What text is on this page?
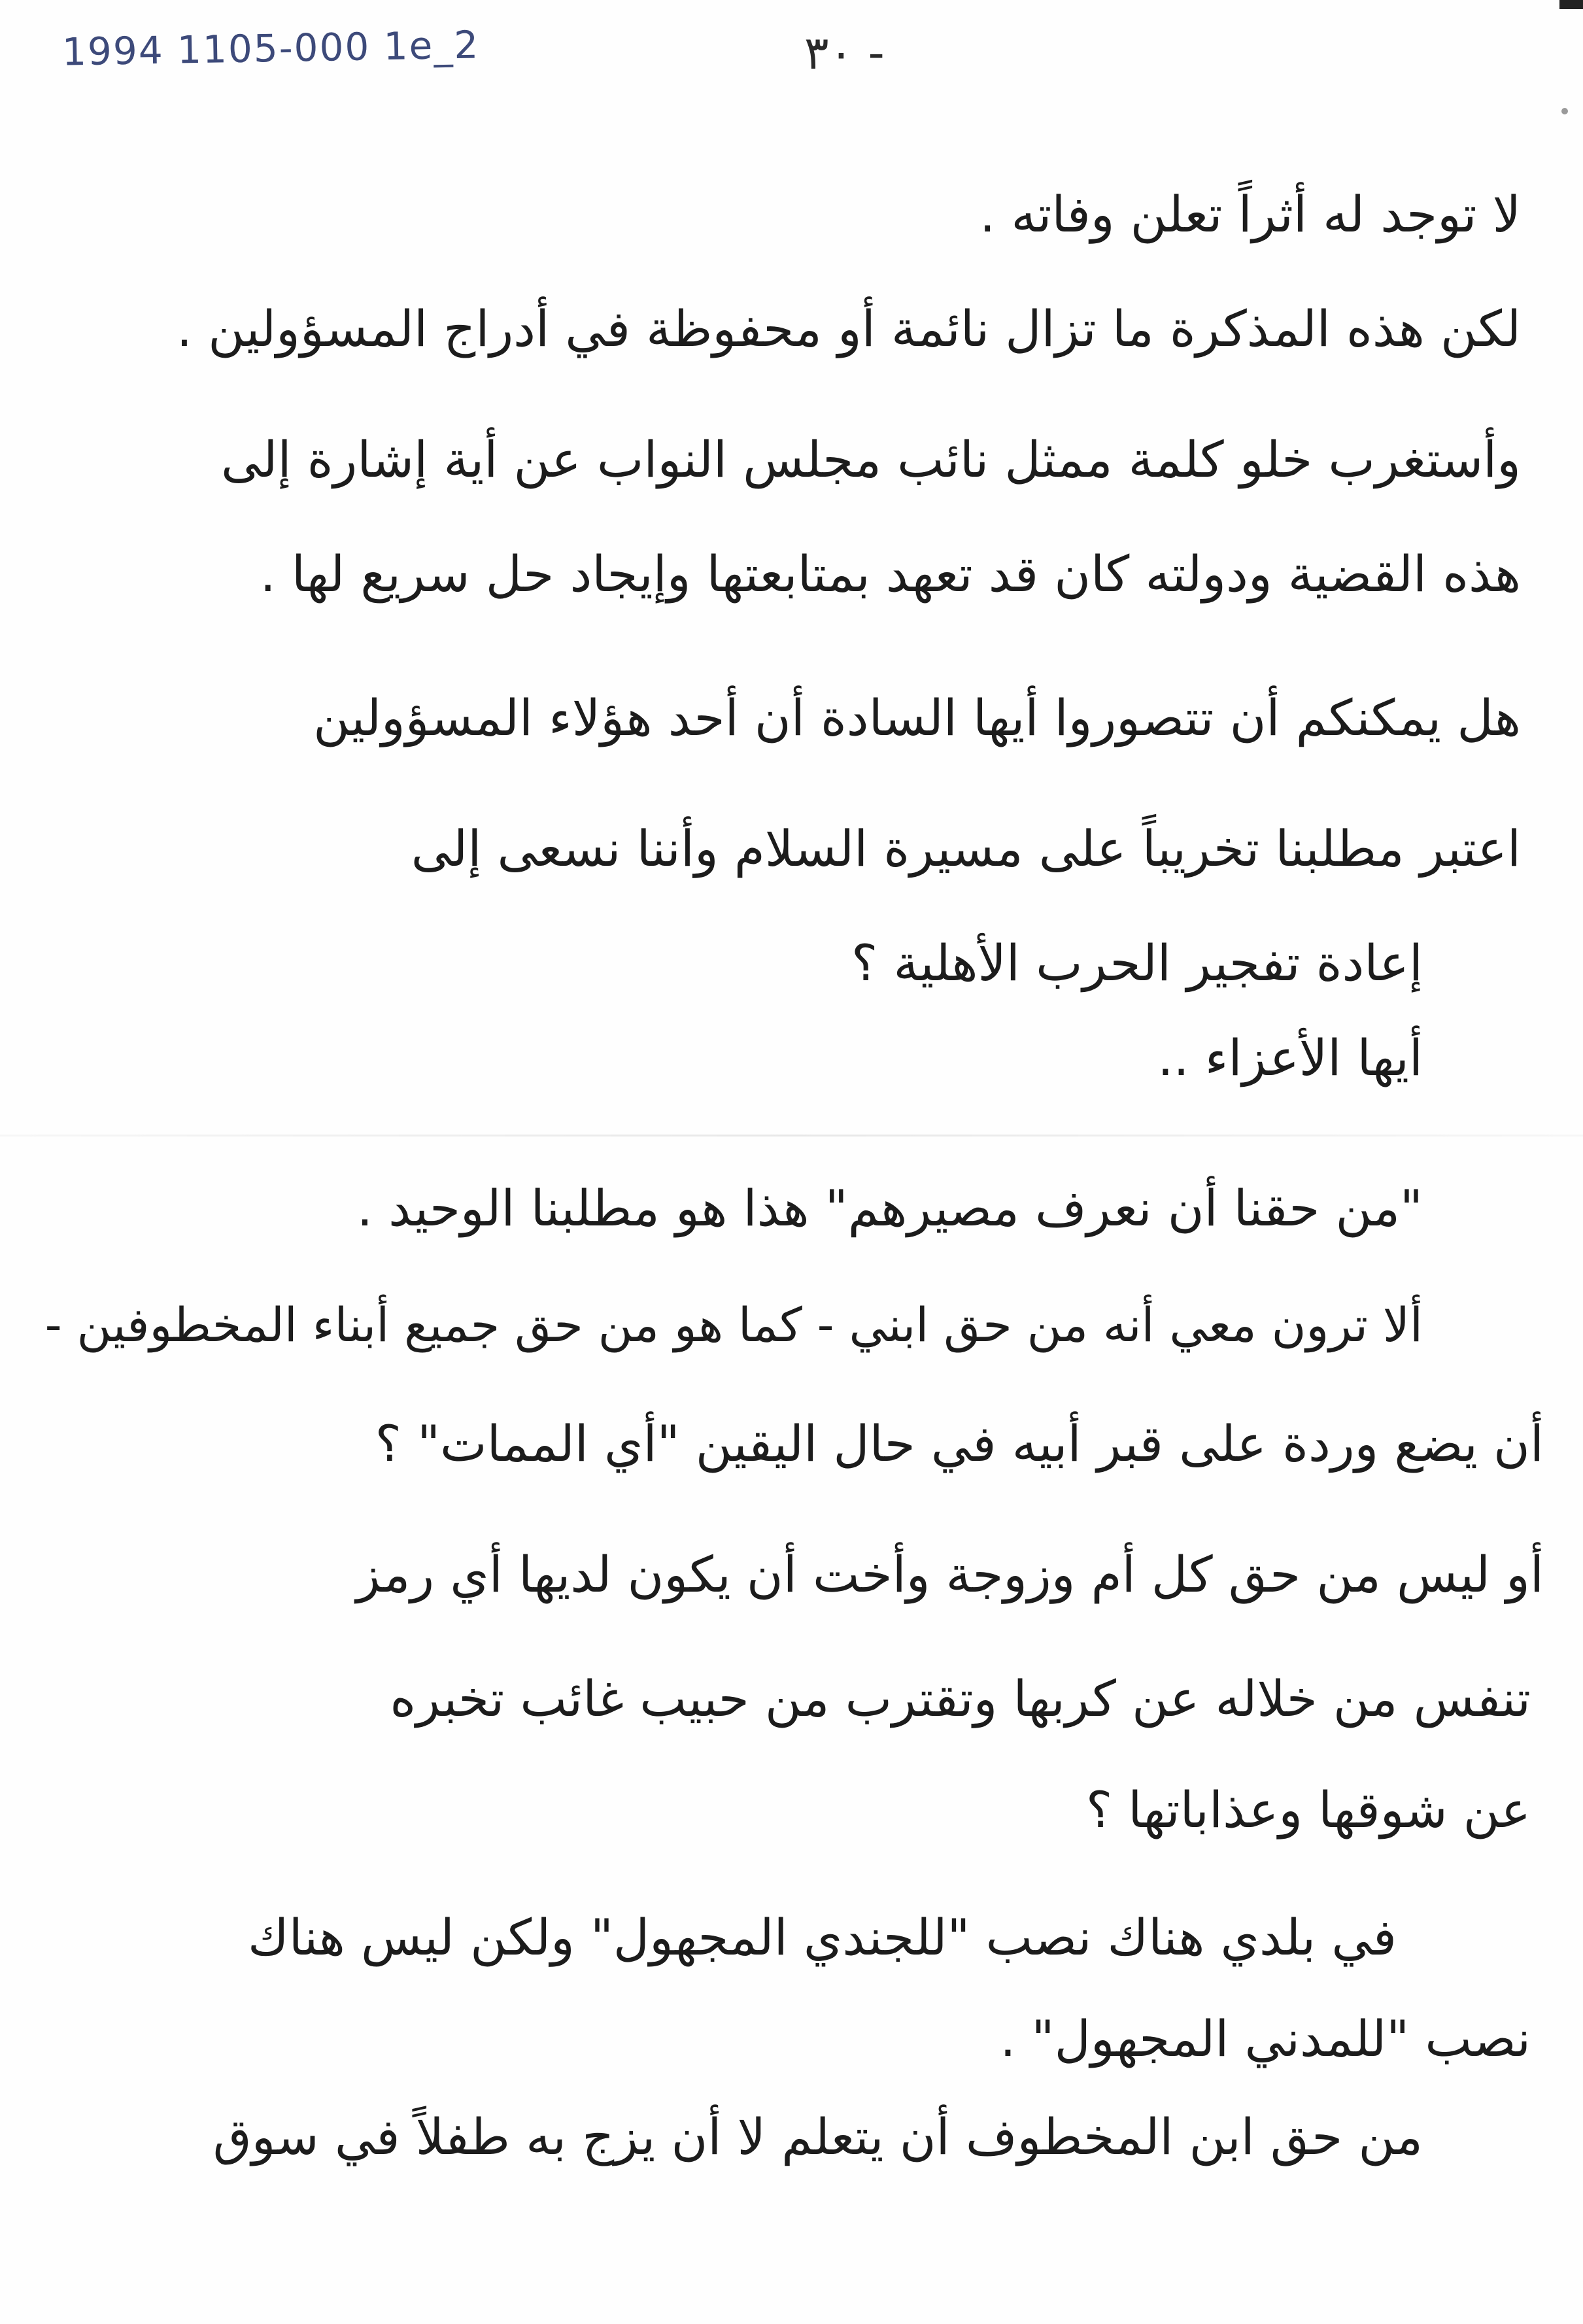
1994 1105-000 1e_2	- ٣٠
لا توجد له أثراً تعلن وفاته .
لكن هذه المذكرة ما تزال نائمة أو محفوظة في أدراج المسؤولين .
وأستغرب خلو كلمة ممثل نائب مجلس النواب عن أية إشارة إلى
هذه القضية ودولته كان قد تعهد بمتابعتها وإيجاد حل سريع لها .
هل يمكنكم أن تتصوروا أيها السادة أن أحد هؤلاء المسؤولين
اعتبر مطلبنا تخريباً على مسيرة السلام وأننا نسعى إلى
إعادة تفجير الحرب الأهلية ؟
أيها الأعزاء ..
"من حقنا أن نعرف مصيرهم" هذا هو مطلبنا الوحيد .
ألا ترون معي أنه من حق ابني - كما هو من حق جميع أبناء المخطوفين -
أن يضع وردة على قبر أبيه في حال اليقين "أي الممات" ؟
أو ليس من حق كل أم وزوجة وأخت أن يكون لديها أي رمز
تنفس من خلاله عن كربها وتقترب من حبيب غائب تخبره
عن شوقها وعذاباتها ؟
في بلدي هناك نصب "للجندي المجهول" ولكن ليس هناك
نصب "للمدني المجهول" .
من حق ابن المخطوف أن يتعلم لا أن يزج به طفلاً في سوق
